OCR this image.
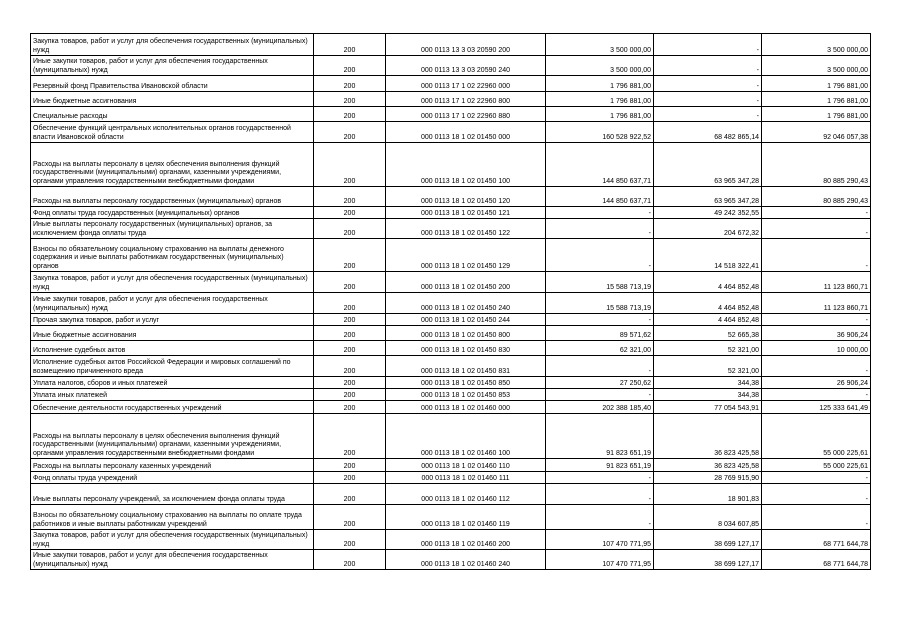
Закупка товаров, работ и услуг для обеспечения государственных (муниципальных) нужд	200	000 0113 13 3 03 20590 200	3 500 000,00	-	3 500 000,00
Иные закупки товаров, работ и услуг для обеспечения государственных (муниципальных) нужд	200	000 0113 13 3 03 20590 240	3 500 000,00	-	3 500 000,00
Резервный фонд Правительства Ивановской области	200	000 0113 17 1 02 22960 000	1 796 881,00	-	1 796 881,00
Иные бюджетные ассигнования	200	000 0113 17 1 02 22960 800	1 796 881,00	-	1 796 881,00
Специальные расходы	200	000 0113 17 1 02 22960 880	1 796 881,00	-	1 796 881,00
Обеспечение функций центральных исполнительных органов государственной власти Ивановской области	200	000 0113 18 1 02 01450 000	160 528 922,52	68 482 865,14	92 046 057,38
Расходы на выплаты персоналу в целях обеспечения выполнения функций государственными (муниципальными) органами, казенными учреждениями, органами управления государственными внебюджетными фондами	200	000 0113 18 1 02 01450 100	144 850 637,71	63 965 347,28	80 885 290,43
Расходы на выплаты персоналу государственных (муниципальных) органов	200	000 0113 18 1 02 01450 120	144 850 637,71	63 965 347,28	80 885 290,43
Фонд оплаты труда государственных (муниципальных) органов	200	000 0113 18 1 02 01450 121	-	49 242 352,55	-
Иные выплаты персоналу государственных (муниципальных) органов, за исключением фонда оплаты труда	200	000 0113 18 1 02 01450 122	-	204 672,32	-
Взносы по обязательному социальному страхованию на выплаты денежного содержания и иные выплаты работникам государственных (муниципальных) органов	200	000 0113 18 1 02 01450 129	-	14 518 322,41	-
Закупка товаров, работ и услуг для обеспечения государственных (муниципальных) нужд	200	000 0113 18 1 02 01450 200	15 588 713,19	4 464 852,48	11 123 860,71
Иные закупки товаров, работ и услуг для обеспечения государственных (муниципальных) нужд	200	000 0113 18 1 02 01450 240	15 588 713,19	4 464 852,48	11 123 860,71
Прочая закупка товаров, работ и услуг	200	000 0113 18 1 02 01450 244	-	4 464 852,48	-
Иные бюджетные ассигнования	200	000 0113 18 1 02 01450 800	89 571,62	52 665,38	36 906,24
Исполнение судебных актов	200	000 0113 18 1 02 01450 830	62 321,00	52 321,00	10 000,00
Исполнение судебных актов Российской Федерации и мировых соглашений по возмещению причиненного вреда	200	000 0113 18 1 02 01450 831	-	52 321,00	-
Уплата налогов, сборов и иных платежей	200	000 0113 18 1 02 01450 850	27 250,62	344,38	26 906,24
Уплата иных платежей	200	000 0113 18 1 02 01450 853	-	344,38	-
Обеспечение деятельности государственных учреждений	200	000 0113 18 1 02 01460 000	202 388 185,40	77 054 543,91	125 333 641,49
Расходы на выплаты персоналу в целях обеспечения выполнения функций государственными (муниципальными) органами, казенными учреждениями, органами управления государственными внебюджетными фондами	200	000 0113 18 1 02 01460 100	91 823 651,19	36 823 425,58	55 000 225,61
Расходы на выплаты персоналу казенных учреждений	200	000 0113 18 1 02 01460 110	91 823 651,19	36 823 425,58	55 000 225,61
Фонд оплаты труда учреждений	200	000 0113 18 1 02 01460 111	-	28 769 915,90	-
Иные выплаты персоналу учреждений, за исключением фонда оплаты труда	200	000 0113 18 1 02 01460 112	-	18 901,83	-
Взносы по обязательному социальному страхованию на выплаты по оплате труда работников и иные выплаты работникам учреждений	200	000 0113 18 1 02 01460 119	-	8 034 607,85	-
Закупка товаров, работ и услуг для обеспечения государственных (муниципальных) нужд	200	000 0113 18 1 02 01460 200	107 470 771,95	38 699 127,17	68 771 644,78
Иные закупки товаров, работ и услуг для обеспечения государственных (муниципальных) нужд	200	000 0113 18 1 02 01460 240	107 470 771,95	38 699 127,17	68 771 644,78
